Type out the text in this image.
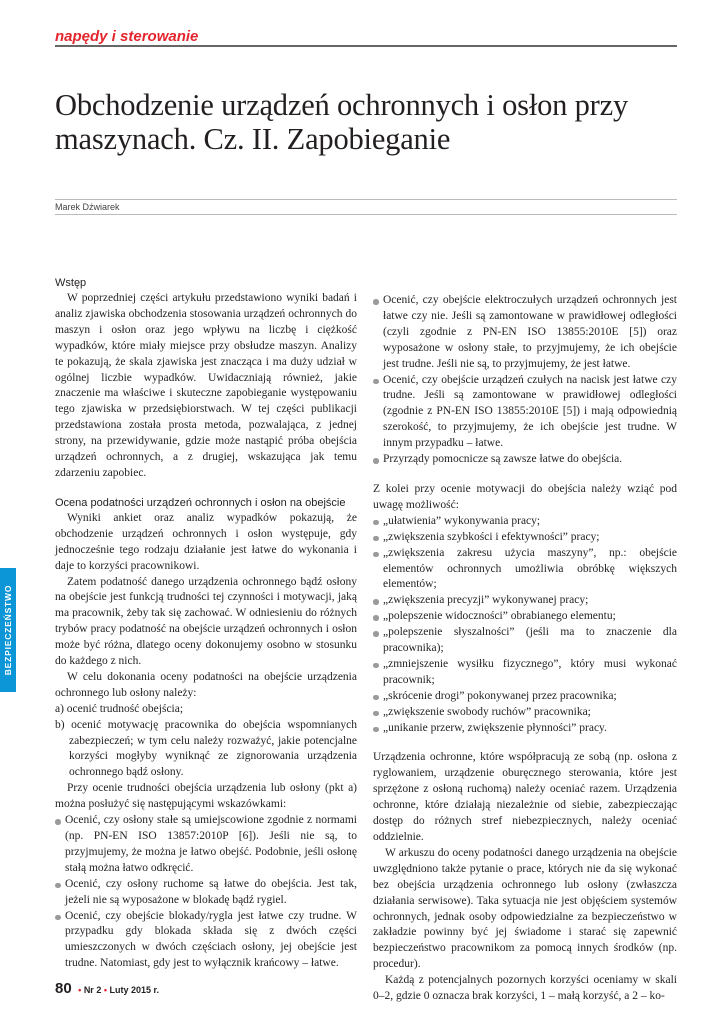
napędy i sterowanie
Obchodzenie urządzeń ochronnych i osłon przy maszynach. Cz. II. Zapobieganie
Marek Dźwiarek
BEZPIECZEŃSTWO

Wstęp

W poprzedniej części artykułu przedstawiono wyniki badań i analiz zjawiska obchodzenia stosowania urządzeń ochronnych do maszyn i osłon oraz jego wpływu na liczbę i ciężkość wypadków, które miały miejsce przy obsłudze maszyn. Analizy te pokazują, że skala zjawiska jest znacząca i ma duży udział w ogólnej liczbie wypadków. Uwidaczniają również, jakie znaczenie ma właściwe i skuteczne zapobieganie występowaniu tego zjawiska w przedsiębiorstwach. W tej części publikacji przedstawiona została prosta metoda, pozwalająca, z jednej strony, na przewidywanie, gdzie może nastąpić próba obejścia urządzeń ochronnych, a z drugiej, wskazująca jak temu zdarzeniu zapobiec.

Ocena podatności urządzeń ochronnych i osłon na obejście

Wyniki ankiet oraz analiz wypadków pokazują, że obchodzenie urządzeń ochronnych i osłon występuje, gdy jednocześnie tego rodzaju działanie jest łatwe do wykonania i daje to korzyści pracownikowi.

Zatem podatność danego urządzenia ochronnego bądź osłony na obejście jest funkcją trudności tej czynności i motywacji, jaką ma pracownik, żeby tak się zachować. W odniesieniu do różnych trybów pracy podatność na obejście urządzeń ochronnych i osłon może być różna, dlatego oceny dokonujemy osobno w stosunku do każdego z nich.

W celu dokonania oceny podatności na obejście urządzenia ochronnego lub osłony należy:

a) ocenić trudność obejścia;

b) ocenić motywację pracownika do obejścia wspomnianych zabezpieczeń; w tym celu należy rozważyć, jakie potencjalne korzyści mogłyby wyniknąć ze zignorowania urządzenia ochronnego bądź osłony.

Przy ocenie trudności obejścia urządzenia lub osłony (pkt a) można posłużyć się następującymi wskazówkami:

Ocenić, czy osłony stałe są umiejscowione zgodnie z normami (np. PN-EN ISO 13857:2010P [6]). Jeśli nie są, to przyjmujemy, że można je łatwo obejść. Podobnie, jeśli osłonę stałą można łatwo odkręcić.
Ocenić, czy osłony ruchome są łatwe do obejścia. Jest tak, jeżeli nie są wyposażone w blokadę bądź rygiel.
Ocenić, czy obejście blokady/rygla jest łatwe czy trudne. W przypadku gdy blokada składa się z dwóch części umieszczonych w dwóch częściach osłony, jej obejście jest trudne. Natomiast, gdy jest to wyłącznik krańcowy – łatwe.
Ocenić, czy obejście elektroczułych urządzeń ochronnych jest łatwe czy nie. Jeśli są zamontowane w prawidłowej odległości (czyli zgodnie z PN-EN ISO 13855:2010E [5]) oraz wyposażone w osłony stałe, to przyjmujemy, że ich obejście jest trudne. Jeśli nie są, to przyjmujemy, że jest łatwe.
Ocenić, czy obejście urządzeń czułych na nacisk jest łatwe czy trudne. Jeśli są zamontowane w prawidłowej odległości (zgodnie z PN-EN ISO 13855:2010E [5]) i mają odpowiednią szerokość, to przyjmujemy, że ich obejście jest trudne. W innym przypadku – łatwe.
Przyrządy pomocnicze są zawsze łatwe do obejścia.

Z kolei przy ocenie motywacji do obejścia należy wziąć pod uwagę możliwość:

„ułatwienia” wykonywania pracy;
„zwiększenia szybkości i efektywności” pracy;
„zwiększenia zakresu użycia maszyny”, np.: obejście elementów ochronnych umożliwia obróbkę większych elementów;
„zwiększenia precyzji” wykonywanej pracy;
„polepszenie widoczności” obrabianego elementu;
„polepszenie słyszalności” (jeśli ma to znaczenie dla pracownika);
„zmniejszenie wysiłku fizycznego”, który musi wykonać pracownik;
„skrócenie drogi” pokonywanej przez pracownika;
„zwiększenie swobody ruchów” pracownika;
„unikanie przerw, zwiększenie płynności” pracy.

Urządzenia ochronne, które współpracują ze sobą (np. osłona z ryglowaniem, urządzenie oburęcznego sterowania, które jest sprzężone z osłoną ruchomą) należy oceniać razem. Urządzenia ochronne, które działają niezależnie od siebie, zabezpieczając dostęp do różnych stref niebezpiecznych, należy oceniać oddzielnie.

W arkuszu do oceny podatności danego urządzenia na obejście uwzględniono także pytanie o prace, których nie da się wykonać bez obejścia urządzenia ochronnego lub osłony (zwłaszcza działania serwisowe). Taka sytuacja nie jest objęściem systemów ochronnych, jednak osoby odpowiedzialne za bezpieczeństwo w zakładzie powinny być jej świadome i starać się zapewnić bezpieczeństwo pracownikom za pomocą innych środków (np. procedur).

Każdą z potencjalnych pozornych korzyści oceniamy w skali 0–2, gdzie 0 oznacza brak korzyści, 1 – małą korzyść, a 2 – ko-

80 • Nr 2 • Luty 2015 r.
